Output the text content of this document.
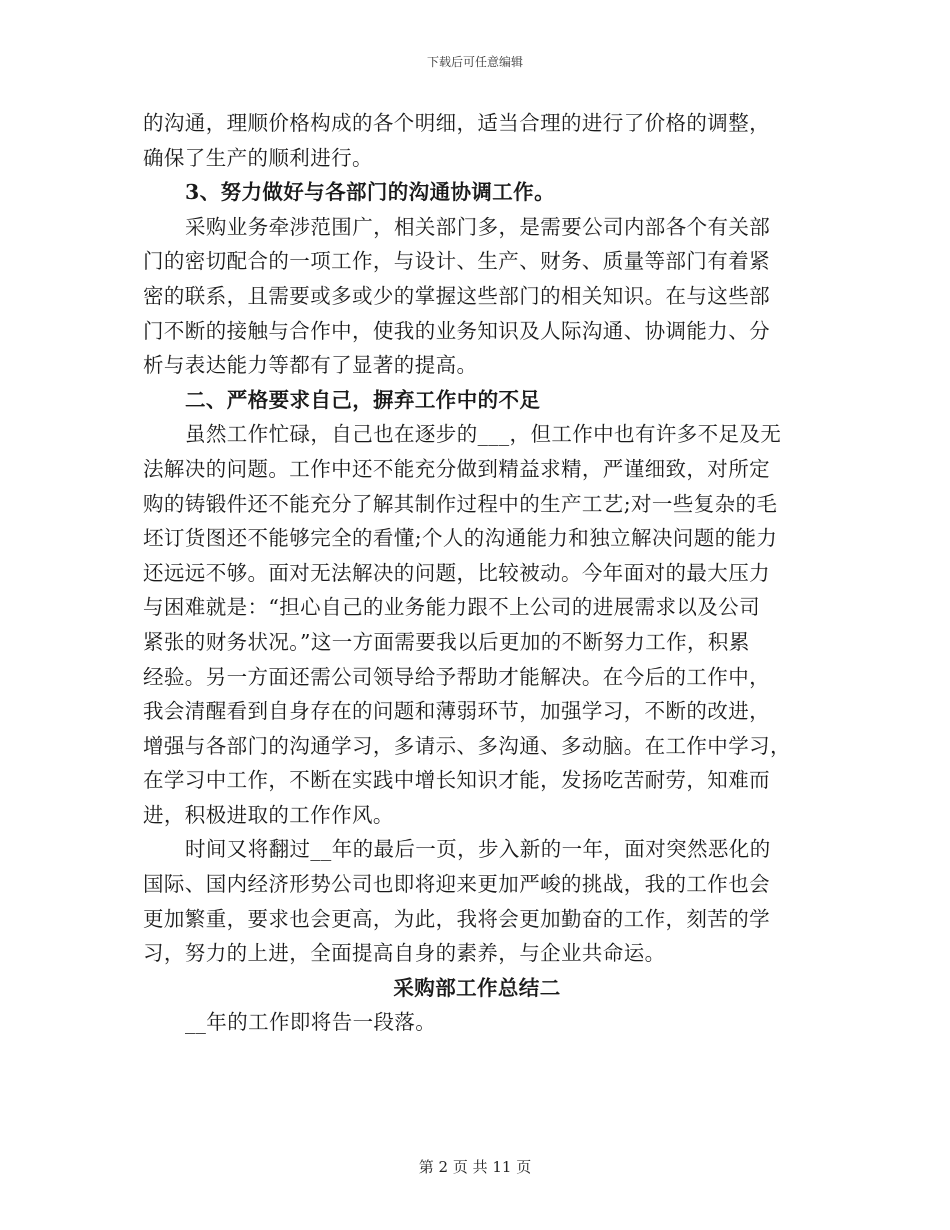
下载后可任意编辑
的沟通，理顺价格构成的各个明细，适当合理的进行了价格的调整，
确保了生产的顺利进行。
3、努力做好与各部门的沟通协调工作。
采购业务牵涉范围广，相关部门多，是需要公司内部各个有关部
门的密切配合的一项工作，与设计、生产、财务、质量等部门有着紧
密的联系，且需要或多或少的掌握这些部门的相关知识。在与这些部
门不断的接触与合作中，使我的业务知识及人际沟通、协调能力、分
析与表达能力等都有了显著的提高。
二、严格要求自己，摒弃工作中的不足
虽然工作忙碌，自己也在逐步的___，但工作中也有许多不足及无
法解决的问题。工作中还不能充分做到精益求精，严谨细致，对所定
购的铸锻件还不能充分了解其制作过程中的生产工艺;对一些复杂的毛
坯订货图还不能够完全的看懂;个人的沟通能力和独立解决问题的能力
还远远不够。面对无法解决的问题，比较被动。今年面对的最大压力
与困难就是：“担心自己的业务能力跟不上公司的进展需求以及公司
紧张的财务状况。”这一方面需要我以后更加的不断努力工作，积累
经验。另一方面还需公司领导给予帮助才能解决。在今后的工作中，
我会清醒看到自身存在的问题和薄弱环节，加强学习，不断的改进，
增强与各部门的沟通学习，多请示、多沟通、多动脑。在工作中学习，
在学习中工作，不断在实践中增长知识才能，发扬吃苦耐劳，知难而
进，积极进取的工作作风。
时间又将翻过__年的最后一页，步入新的一年，面对突然恶化的
国际、国内经济形势公司也即将迎来更加严峻的挑战，我的工作也会
更加繁重，要求也会更高，为此，我将会更加勤奋的工作，刻苦的学
习，努力的上进，全面提高自身的素养，与企业共命运。
采购部工作总结二
__年的工作即将告一段落。
第 2 页 共 11 页
